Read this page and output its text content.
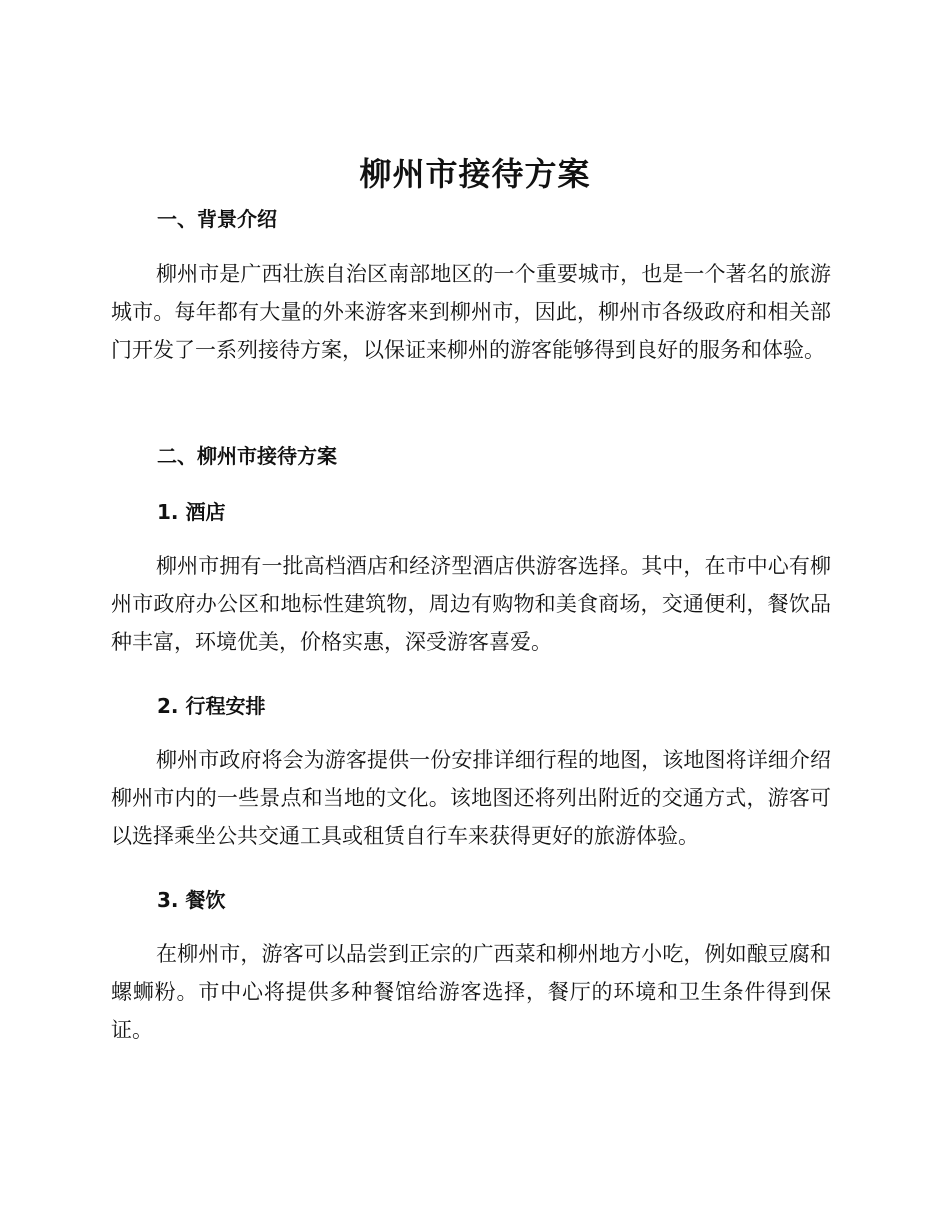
柳州市接待方案
一、背景介绍

柳州市是广西壮族自治区南部地区的一个重要城市，也是一个著名的旅游城市。每年都有大量的外来游客来到柳州市，因此，柳州市各级政府和相关部门开发了一系列接待方案，以保证来柳州的游客能够得到良好的服务和体验。

二、柳州市接待方案
1. 酒店

柳州市拥有一批高档酒店和经济型酒店供游客选择。其中，在市中心有柳州市政府办公区和地标性建筑物，周边有购物和美食商场，交通便利，餐饮品种丰富，环境优美，价格实惠，深受游客喜爱。

2. 行程安排

柳州市政府将会为游客提供一份安排详细行程的地图，该地图将详细介绍柳州市内的一些景点和当地的文化。该地图还将列出附近的交通方式，游客可以选择乘坐公共交通工具或租赁自行车来获得更好的旅游体验。

3. 餐饮

在柳州市，游客可以品尝到正宗的广西菜和柳州地方小吃，例如酿豆腐和螺蛳粉。市中心将提供多种餐馆给游客选择，餐厅的环境和卫生条件得到保证。
